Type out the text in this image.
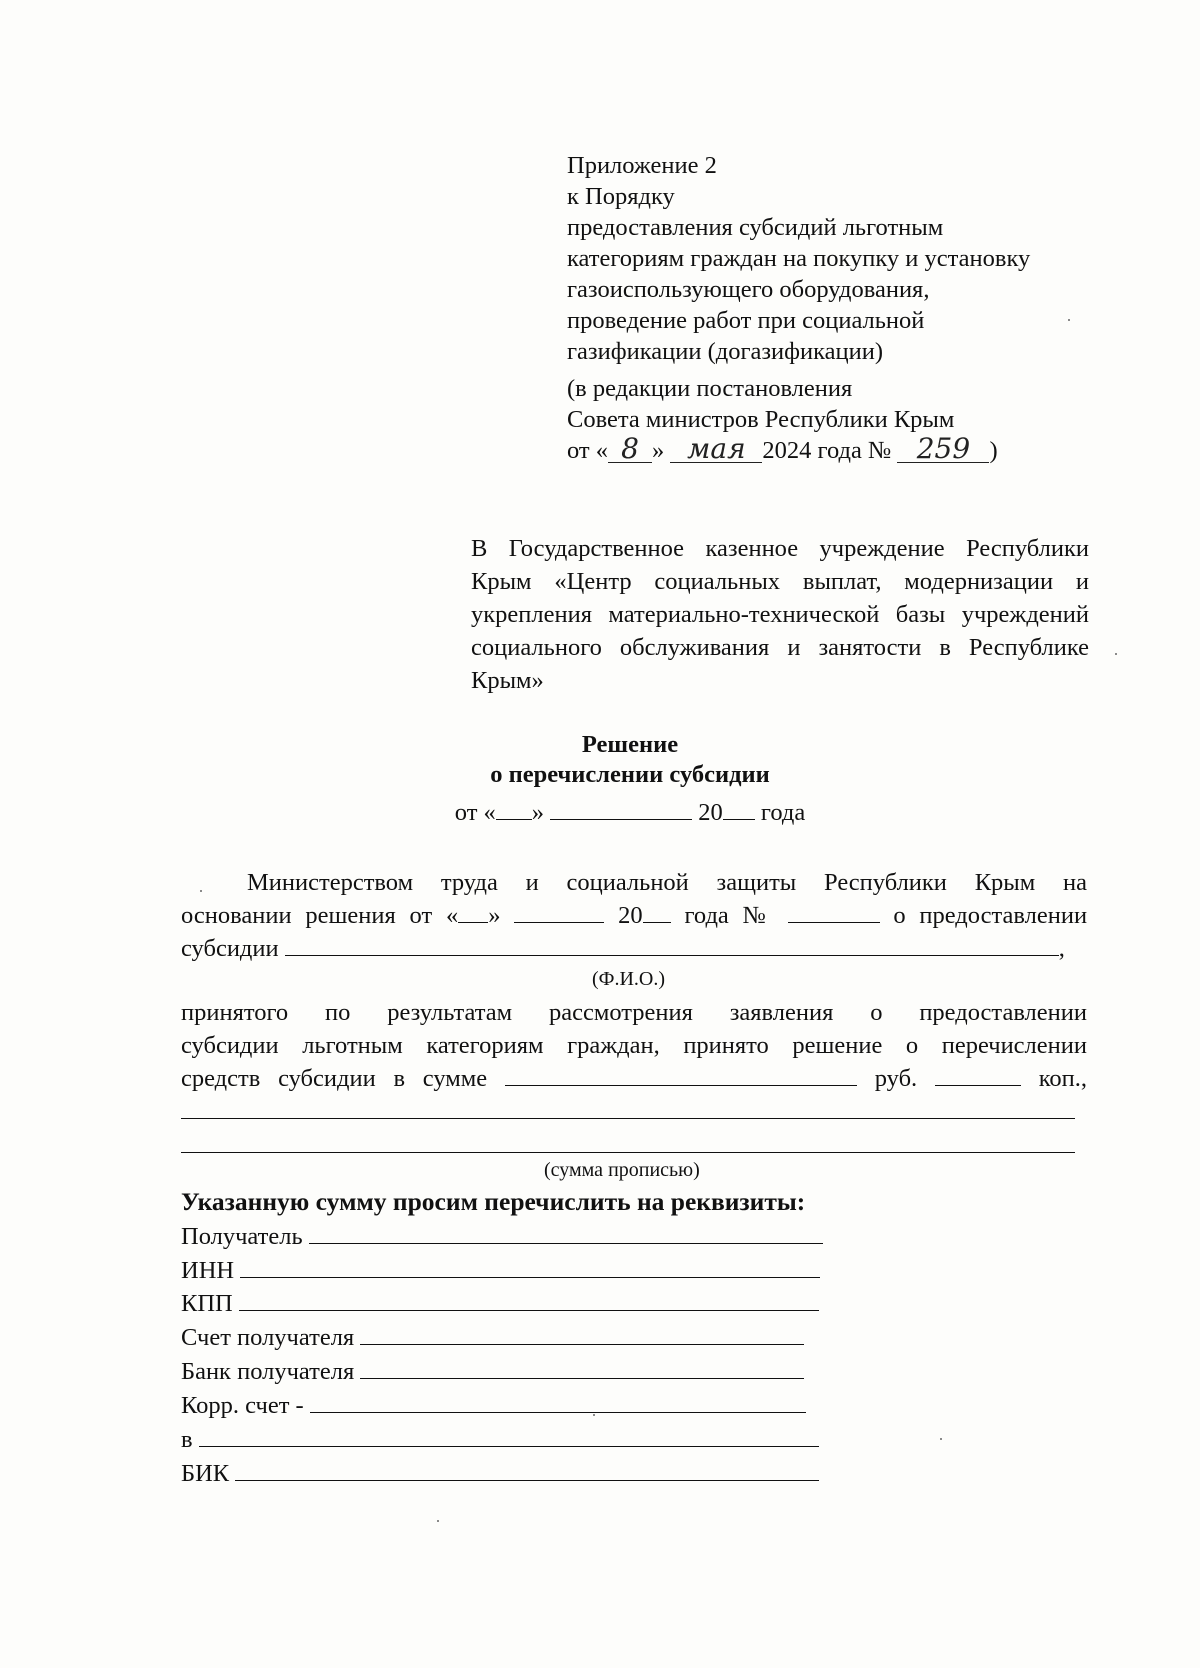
Приложение 2
к Порядку
предоставления субсидий льготным
категориям граждан на покупку и установку
газоиспользующего оборудования,
проведение работ при социальной
газификации (догазификации)
(в редакции постановления
Совета министров Республики Крым
от « 8 » мая 2024 года № 259 )
В Государственное казенное учреждение Республики Крым «Центр социальных выплат, модернизации и укрепления материально-технической базы учреждений социального обслуживания и занятости в Республике Крым»
Решение
о перечислении субсидии
от « »	20 года
Министерством труда и социальной защиты Республики Крым на
основании решения от « »	20 года №	о предоставлении
субсидии	,
(Ф.И.О.)
принятого по результатам рассмотрения заявления о предоставлении
субсидии льготным категориям граждан, принято решение о перечислении
средств субсидии в сумме	руб.	коп.,
(сумма прописью)
Указанную сумму просим перечислить на реквизиты:
Получатель
ИНН
КПП
Счет получателя
Банк получателя
Корр. счет -
в
БИК
